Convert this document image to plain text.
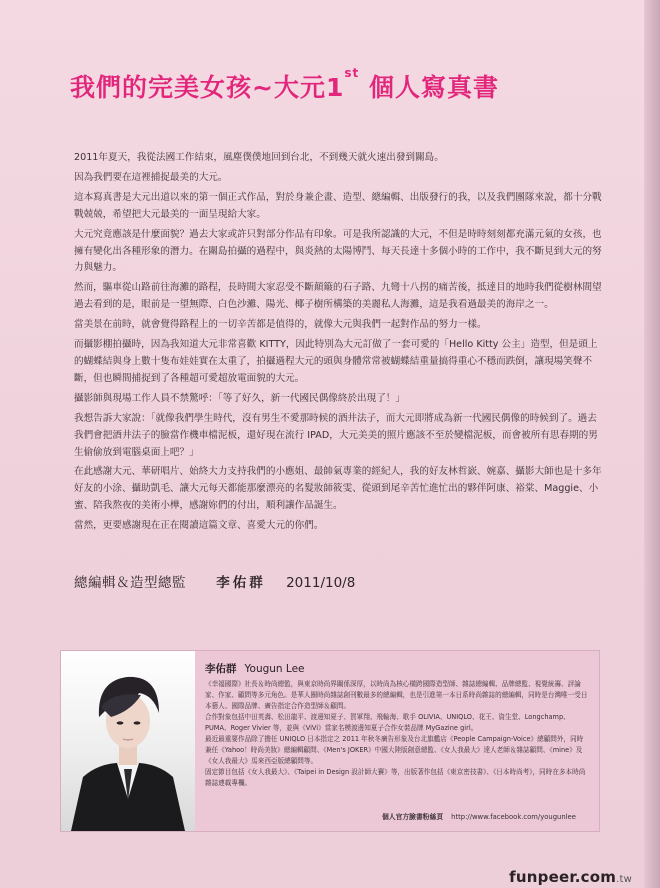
我們的完美女孩~大元1st 個人寫真書

2011年夏天，我從法國工作結束，風塵僕僕地回到台北，不到幾天就火速出發到關島。

因為我們要在這裡捕捉最美的大元。

這本寫真書是大元出道以來的第一個正式作品，對於身兼企畫、造型、總編輯、出版發行的我，以及我們團隊來說，都十分戰戰兢兢，希望把大元最美的一面呈現給大家。

大元究竟應該是什麼面貌？過去大家或許只對部分作品有印象。可是我所認識的大元，不但是時時刻刻都充滿元氣的女孩，也擁有變化出各種形象的潛力。在關島拍攝的過程中，與炎熱的太陽博鬥、每天長達十多個小時的工作中，我不斷見到大元的努力與魅力。

然而，驅車從山路前往海灘的路程，長時間大家忍受不斷顛簸的石子路、九彎十八拐的痛苦後，抵達目的地時我們從樹林間望過去看到的是，眼前是一望無際、白色沙灘、陽光、椰子樹所構築的美麗私人海灘，這是我看過最美的海岸之一。

當美景在前時，就會覺得路程上的一切辛苦都是值得的，就像大元與我們一起對作品的努力一樣。

而攝影棚拍攝時，因為我知道大元非常喜歡 KITTY，因此特別為大元訂做了一套可愛的「Hello Kitty 公主」造型，但是頭上的蝴蝶結與身上數十隻布娃娃實在太重了，拍攝過程大元的頭與身體常常被蝴蝶結重量搞得重心不穩而跌倒，讓現場笑聲不斷，但也瞬間捕捉到了各種超可愛超放電面貌的大元。

攝影師與現場工作人員不禁驚呼：「等了好久，新一代國民偶像終於出現了！」

我想告訴大家說：「就像我們學生時代，沒有男生不愛那時候的酒井法子，而大元即將成為新一代國民偶像的時候到了。過去我們會把酒井法子的臉當作機車檔泥板，還好現在流行 IPAD，大元美美的照片應該不至於變檔泥板，而會被所有思春期的男生偷偷放到電腦桌面上吧？」

在此感謝大元、華研唱片、始終大力支持我們的小應姐、最帥氣專業的經紀人，我的好友林哲嶔、婉嘉、攝影大師也是十多年好友的小涂、攝助凱毛、讓大元每天都能那麼漂亮的名髮妝師筱雯、從頭到尾辛苦忙進忙出的夥伴阿康、裕棠、Maggie、小蜜、陪我熬夜的美術小樺，感謝妳們的付出，順利讓作品誕生。

當然，更要感謝現在正在閱讀這篇文章、喜愛大元的你們。

總編輯＆造型總監 李佑群 2011/10/8
李佑群 Yougun Lee

《幸福國際》社長＆時尚總監，與東京時尚界關係深厚，以時尚為核心橫跨國際造型師、雜誌總編輯、品牌總監、視覺統籌、評論家、作家、顧問等多元角色。是華人圈時尚雜誌創刊數最多的總編輯，也是引進第一本日系時尚雜誌的總編輯，同時是台灣唯一受日本藝人、國際品牌、廣告指定合作造型師＆顧問。

合作對象包括中田英壽、松田龍平、渡邊知夏子、賀軍翔、飛輪海、歌手 OLIVIA、UNIQLO、花王、資生堂、Longchamp、PUMA、Roger Vivier 等，並與《ViVi》當家名模渡邊知夏子合作女裝品牌 MyGazine girl。

最近最重要作品除了擔任 UNIQLO 日本指定之 2011 年秋冬廣告形象及台北旗艦店《People Campaign-Voice》總顧問外，同時兼任《Yahoo！時尚美妝》總編輯顧問、《Men's JOKER》中國大陸版創意總監、《女人我最大》達人老師＆雜誌顧問、《mine》及《女人我最大》馬來西亞版總顧問等。

固定節目包括《女人我最大》、《Taipei in Design 設計師大賽》等，出版著作包括《東京密技書》、《日本時尚考》，同時在多本時尚雜誌連載專欄。

個人官方臉書粉絲頁 http://www.facebook.com/yougunlee
funpeer.com.tw
